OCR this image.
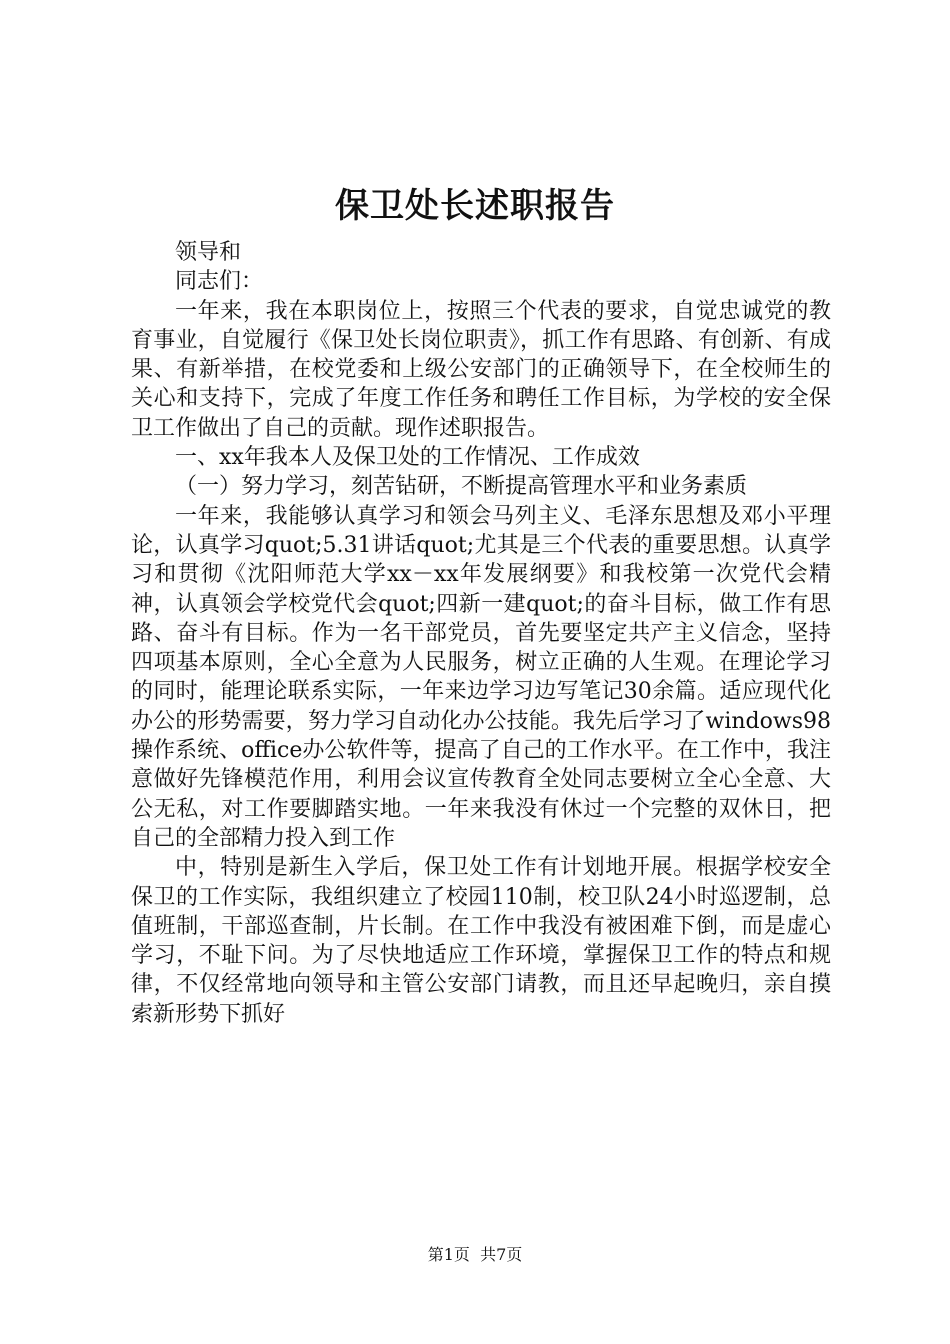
保卫处长述职报告

领导和

同志们：

一年来，我在本职岗位上，按照三个代表的要求，自觉忠诚党的教育事业，自觉履行《保卫处长岗位职责》，抓工作有思路、有创新、有成果、有新举措，在校党委和上级公安部门的正确领导下，在全校师生的关心和支持下，完成了年度工作任务和聘任工作目标，为学校的安全保卫工作做出了自己的贡献。现作述职报告。

一、xx年我本人及保卫处的工作情况、工作成效

（一）努力学习，刻苦钻研，不断提高管理水平和业务素质

一年来，我能够认真学习和领会马列主义、毛泽东思想及邓小平理论，认真学习quot;5.31讲话quot;尤其是三个代表的重要思想。认真学习和贯彻《沈阳师范大学xx－xx年发展纲要》和我校第一次党代会精神，认真领会学校党代会quot;四新一建quot;的奋斗目标，做工作有思路、奋斗有目标。作为一名干部党员，首先要坚定共产主义信念，坚持四项基本原则，全心全意为人民服务，树立正确的人生观。在理论学习的同时，能理论联系实际，一年来边学习边写笔记30余篇。适应现代化办公的形势需要，努力学习自动化办公技能。我先后学习了windows98操作系统、office办公软件等，提高了自己的工作水平。在工作中，我注意做好先锋模范作用，利用会议宣传教育全处同志要树立全心全意、大公无私，对工作要脚踏实地。一年来我没有休过一个完整的双休日，把自己的全部精力投入到工作

中，特别是新生入学后，保卫处工作有计划地开展。根据学校安全保卫的工作实际，我组织建立了校园110制，校卫队24小时巡逻制，总值班制，干部巡查制，片长制。在工作中我没有被困难下倒，而是虚心学习，不耻下问。为了尽快地适应工作环境，掌握保卫工作的特点和规律，不仅经常地向领导和主管公安部门请教，而且还早起晚归，亲自摸索新形势下抓好

第1页 共7页
